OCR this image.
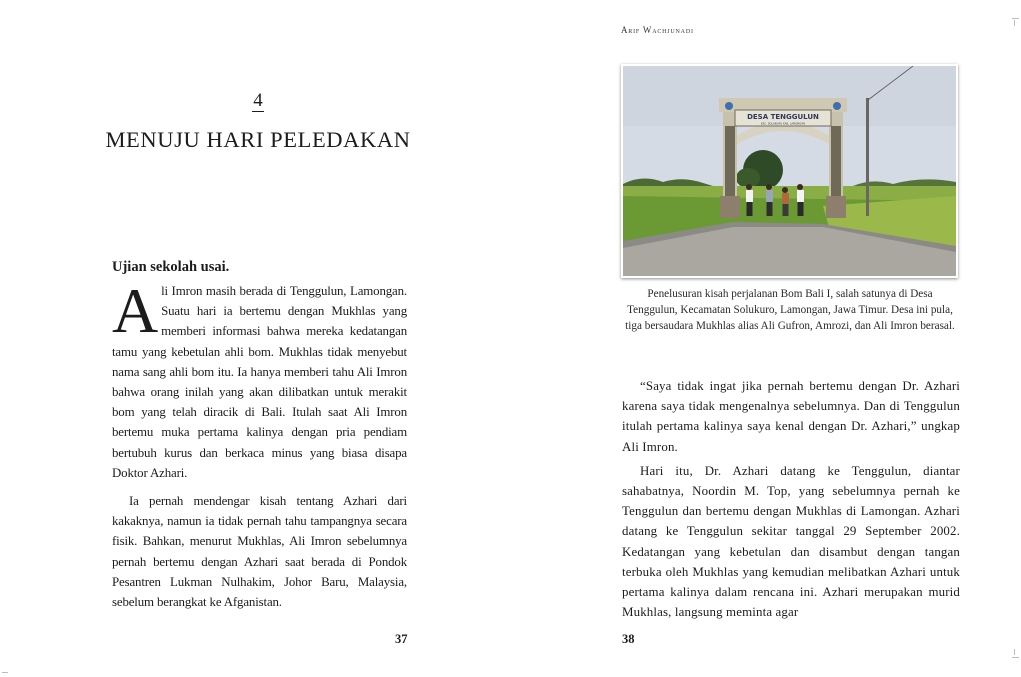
4
MENUJU HARI PELEDAKAN
Ujian sekolah usai.

Ali Imron masih berada di Tenggulun, Lamongan. Suatu hari ia bertemu dengan Mukhlas yang memberi informasi bahwa mereka kedatangan tamu yang kebetulan ahli bom. Mukhlas tidak menyebut nama sang ahli bom itu. Ia hanya memberi tahu Ali Imron bahwa orang inilah yang akan dilibatkan untuk merakit bom yang telah diracik di Bali. Itulah saat Ali Imron bertemu muka pertama kalinya dengan pria pendiam bertubuh kurus dan berkaca minus yang biasa disapa Doktor Azhari.

Ia pernah mendengar kisah tentang Azhari dari kakaknya, namun ia tidak pernah tahu tampangnya secara fisik. Bahkan, menurut Mukhlas, Ali Imron sebelumnya pernah bertemu dengan Azhari saat berada di Pondok Pesantren Lukman Nulhakim, Johor Baru, Malaysia, sebelum berangkat ke Afganistan.

37
Arif Wachjunadi
DESA TENGGULUN
KEC. SOLOKURO KAB. LAMONGAN
Penelusuran kisah perjalanan Bom Bali I, salah satunya di Desa Tenggulun, Kecamatan Solukuro, Lamongan, Jawa Timur. Desa ini pula, tiga bersaudara Mukhlas alias Ali Gufron, Amrozi, dan Ali Imron berasal.

“Saya tidak ingat jika pernah bertemu dengan Dr. Azhari karena saya tidak mengenalnya sebelumnya. Dan di Tenggulun itulah pertama kalinya saya kenal dengan Dr. Azhari,” ungkap Ali Imron.

Hari itu, Dr. Azhari datang ke Tenggulun, diantar sahabatnya, Noordin M. Top, yang sebelumnya pernah ke Tenggulun dan bertemu dengan Mukhlas di Lamongan. Azhari datang ke Tenggulun sekitar tanggal 29 September 2002. Kedatangan yang kebetulan dan disambut dengan tangan terbuka oleh Mukhlas yang kemudian melibatkan Azhari untuk pertama kalinya dalam rencana ini. Azhari merupakan murid Mukhlas, langsung meminta agar

38
